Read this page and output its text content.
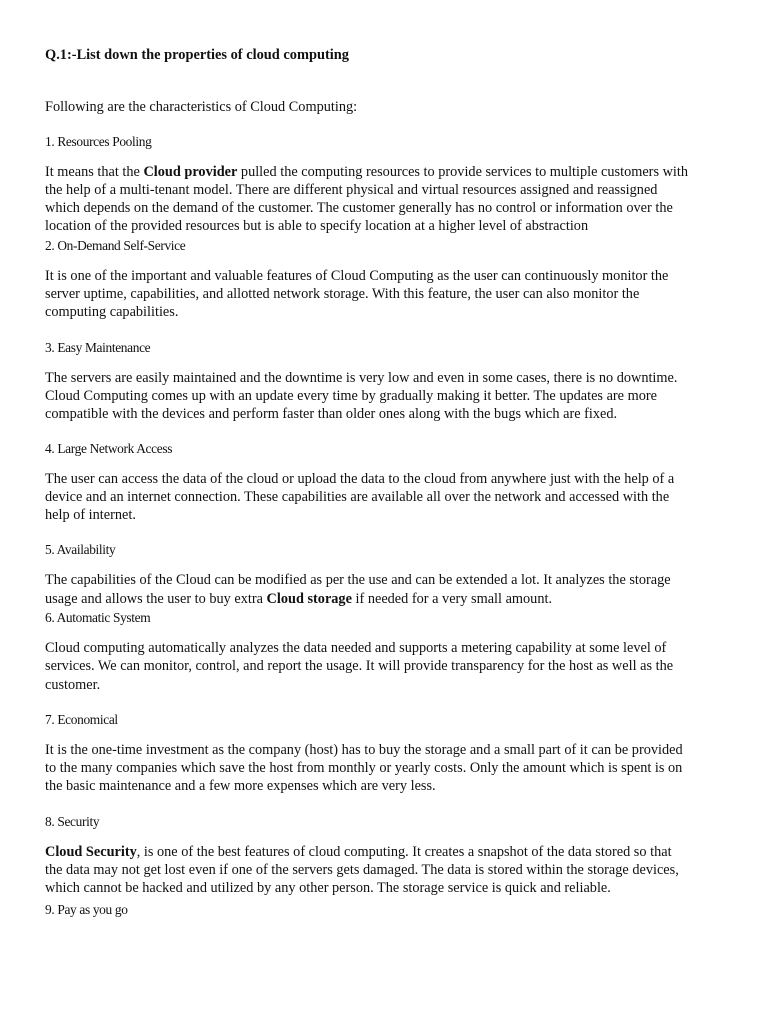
Q.1:-List down the properties of cloud computing

Following are the characteristics of Cloud Computing:

1. Resources Pooling

It means that the Cloud provider pulled the computing resources to provide services to multiple customers with

the help of a multi-tenant model. There are different physical and virtual resources assigned and reassigned

which depends on the demand of the customer. The customer generally has no control or information over the

location of the provided resources but is able to specify location at a higher level of abstraction

2. On-Demand Self-Service

It is one of the important and valuable features of Cloud Computing as the user can continuously monitor the

server uptime, capabilities, and allotted network storage. With this feature, the user can also monitor the

computing capabilities.

3. Easy Maintenance

The servers are easily maintained and the downtime is very low and even in some cases, there is no downtime.

Cloud Computing comes up with an update every time by gradually making it better. The updates are more

compatible with the devices and perform faster than older ones along with the bugs which are fixed.

4. Large Network Access

The user can access the data of the cloud or upload the data to the cloud from anywhere just with the help of a

device and an internet connection. These capabilities are available all over the network and accessed with the

help of internet.

5. Availability

The capabilities of the Cloud can be modified as per the use and can be extended a lot. It analyzes the storage

usage and allows the user to buy extra Cloud storage if needed for a very small amount.

6. Automatic System

Cloud computing automatically analyzes the data needed and supports a metering capability at some level of

services. We can monitor, control, and report the usage. It will provide transparency for the host as well as the

customer.

7. Economical

It is the one-time investment as the company (host) has to buy the storage and a small part of it can be provided

to the many companies which save the host from monthly or yearly costs. Only the amount which is spent is on

the basic maintenance and a few more expenses which are very less.

8. Security

Cloud Security, is one of the best features of cloud computing. It creates a snapshot of the data stored so that

the data may not get lost even if one of the servers gets damaged. The data is stored within the storage devices,

which cannot be hacked and utilized by any other person. The storage service is quick and reliable.

9. Pay as you go
